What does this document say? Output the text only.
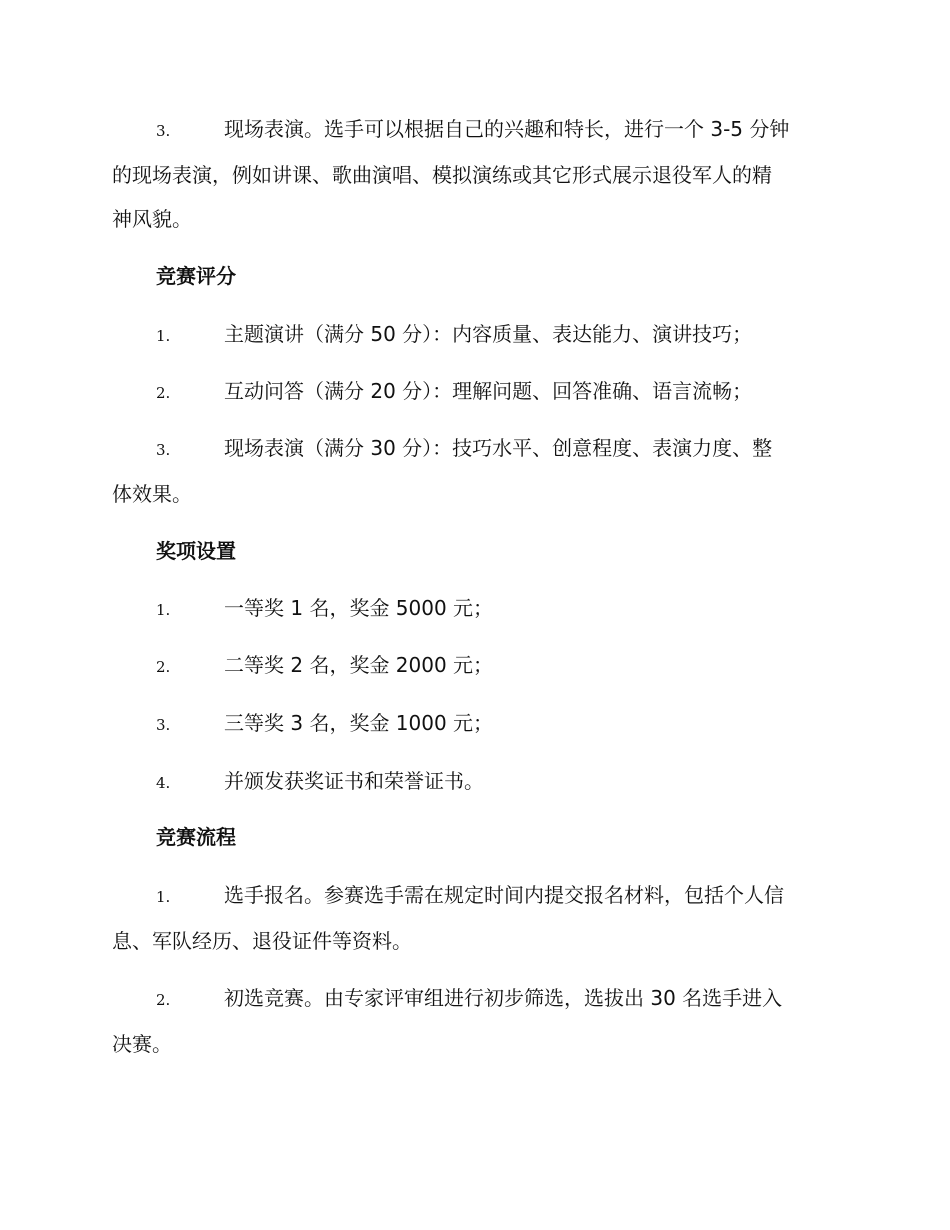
3.	现场表演。选手可以根据自己的兴趣和特长，进行一个 3-5 分钟
的现场表演，例如讲课、歌曲演唱、模拟演练或其它形式展示退役军人的精
神风貌。
竞赛评分
1.	主题演讲（满分 50 分）：内容质量、表达能力、演讲技巧；
2.	互动问答（满分 20 分）：理解问题、回答准确、语言流畅；
3.	现场表演（满分 30 分）：技巧水平、创意程度、表演力度、整
体效果。
奖项设置
1.	一等奖 1 名，奖金 5000 元；
2.	二等奖 2 名，奖金 2000 元；
3.	三等奖 3 名，奖金 1000 元；
4.	并颁发获奖证书和荣誉证书。
竞赛流程
1.	选手报名。参赛选手需在规定时间内提交报名材料，包括个人信
息、军队经历、退役证件等资料。
2.	初选竞赛。由专家评审组进行初步筛选，选拔出 30 名选手进入
决赛。
